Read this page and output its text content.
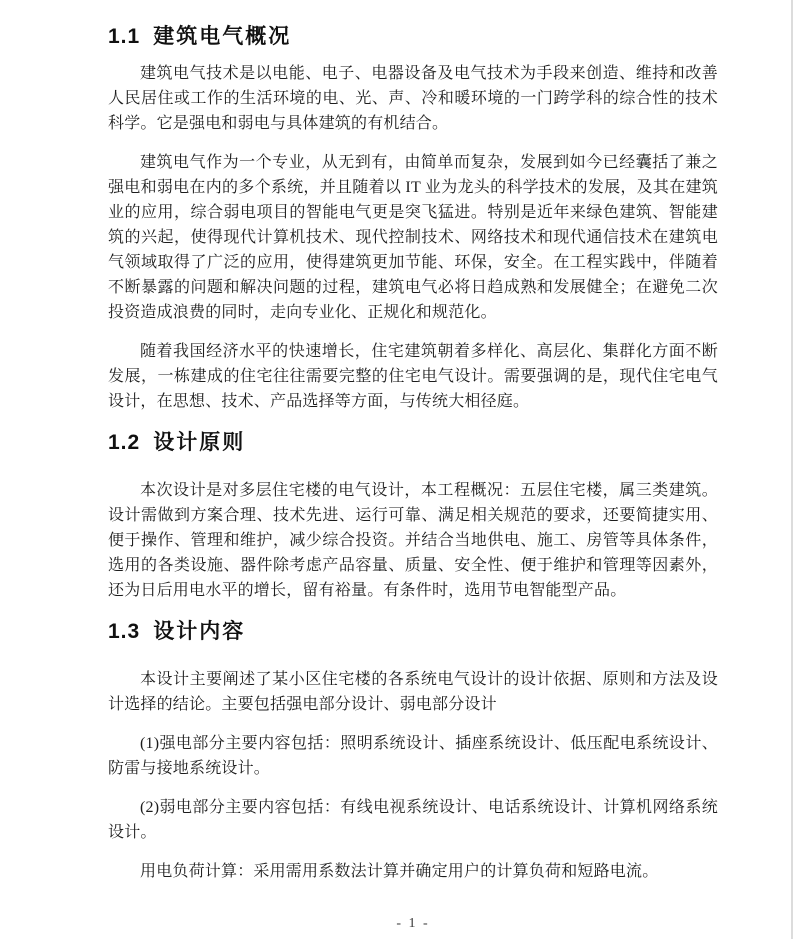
1.1 建筑电气概况

建筑电气技术是以电能、电子、电器设备及电气技术为手段来创造、维持和改善人民居住或工作的生活环境的电、光、声、冷和暖环境的一门跨学科的综合性的技术科学。它是强电和弱电与具体建筑的有机结合。

建筑电气作为一个专业，从无到有，由简单而复杂，发展到如今已经囊括了兼之强电和弱电在内的多个系统，并且随着以 IT 业为龙头的科学技术的发展，及其在建筑业的应用，综合弱电项目的智能电气更是突飞猛进。特别是近年来绿色建筑、智能建筑的兴起，使得现代计算机技术、现代控制技术、网络技术和现代通信技术在建筑电气领域取得了广泛的应用，使得建筑更加节能、环保，安全。在工程实践中，伴随着不断暴露的问题和解决问题的过程，建筑电气必将日趋成熟和发展健全；在避免二次投资造成浪费的同时，走向专业化、正规化和规范化。

随着我国经济水平的快速增长，住宅建筑朝着多样化、高层化、集群化方面不断发展，一栋建成的住宅往往需要完整的住宅电气设计。需要强调的是，现代住宅电气设计，在思想、技术、产品选择等方面，与传统大相径庭。

1.2 设计原则

本次设计是对多层住宅楼的电气设计，本工程概况：五层住宅楼，属三类建筑。设计需做到方案合理、技术先进、运行可靠、满足相关规范的要求，还要简捷实用、便于操作、管理和维护，减少综合投资。并结合当地供电、施工、房管等具体条件，选用的各类设施、器件除考虑产品容量、质量、安全性、便于维护和管理等因素外，还为日后用电水平的增长，留有裕量。有条件时，选用节电智能型产品。

1.3 设计内容

本设计主要阐述了某小区住宅楼的各系统电气设计的设计依据、原则和方法及设计选择的结论。主要包括强电部分设计、弱电部分设计

(1)强电部分主要内容包括：照明系统设计、插座系统设计、低压配电系统设计、防雷与接地系统设计。

(2)弱电部分主要内容包括：有线电视系统设计、电话系统设计、计算机网络系统设计。

用电负荷计算：采用需用系数法计算并确定用户的计算负荷和短路电流。

- 1 -
